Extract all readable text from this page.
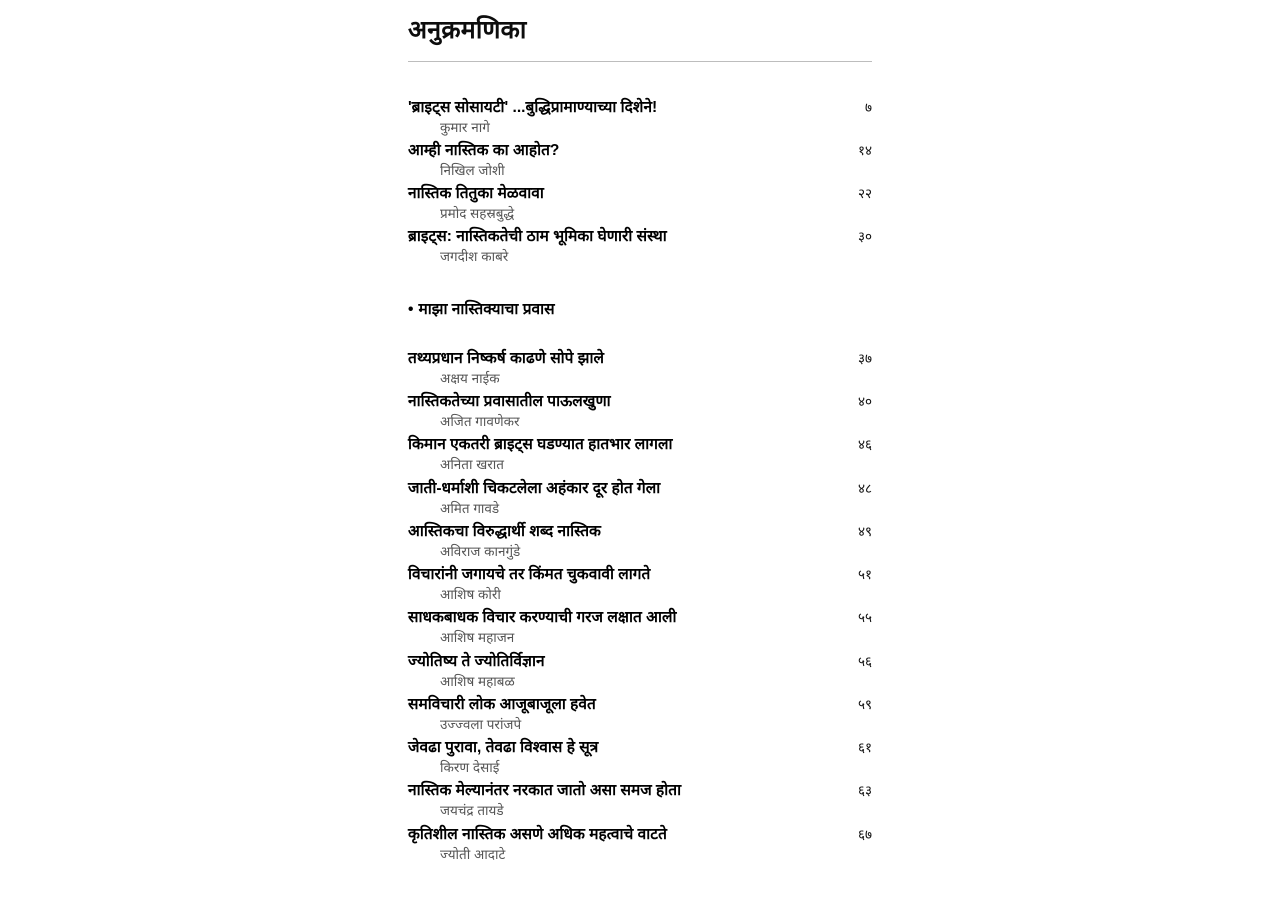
अनुक्रमणिका
'ब्राइट्स सोसायटी' ...बुद्धिप्रामाण्याच्या दिशेने!	७
कुमार नागे
आम्ही नास्तिक का आहोत?	१४
निखिल जोशी
नास्तिक तितुका मेळवावा	२२
प्रमोद सहस्रबुद्धे
ब्राइट्स: नास्तिकतेची ठाम भूमिका घेणारी संस्था	३०
जगदीश काबरे
• माझा नास्तिक्याचा प्रवास
तथ्यप्रधान निष्कर्ष काढणे सोपे झाले	३७
अक्षय नाईक
नास्तिकतेच्या प्रवासातील पाऊलखुणा	४०
अजित गावणेकर
किमान एकतरी ब्राइट्स घडण्यात हातभार लागला	४६
अनिता खरात
जाती-धर्माशी चिकटलेला अहंकार दूर होत गेला	४८
अमित गावडे
आस्तिकचा विरुद्धार्थी शब्द नास्तिक	४९
अविराज कानगुंडे
विचारांनी जगायचे तर किंमत चुकवावी लागते	५१
आशिष कोरी
साधकबाधक विचार करण्याची गरज लक्षात आली	५५
आशिष महाजन
ज्योतिष्य ते ज्योतिर्विज्ञान	५६
आशिष महाबळ
समविचारी लोक आजूबाजूला हवेत	५९
उज्ज्वला परांजपे
जेवढा पुरावा, तेवढा विश्वास हे सूत्र	६१
किरण देसाई
नास्तिक मेल्यानंतर नरकात जातो असा समज होता	६३
जयचंद्र तायडे
कृतिशील नास्तिक असणे अधिक महत्वाचे वाटते	६७
ज्योती आदाटे
